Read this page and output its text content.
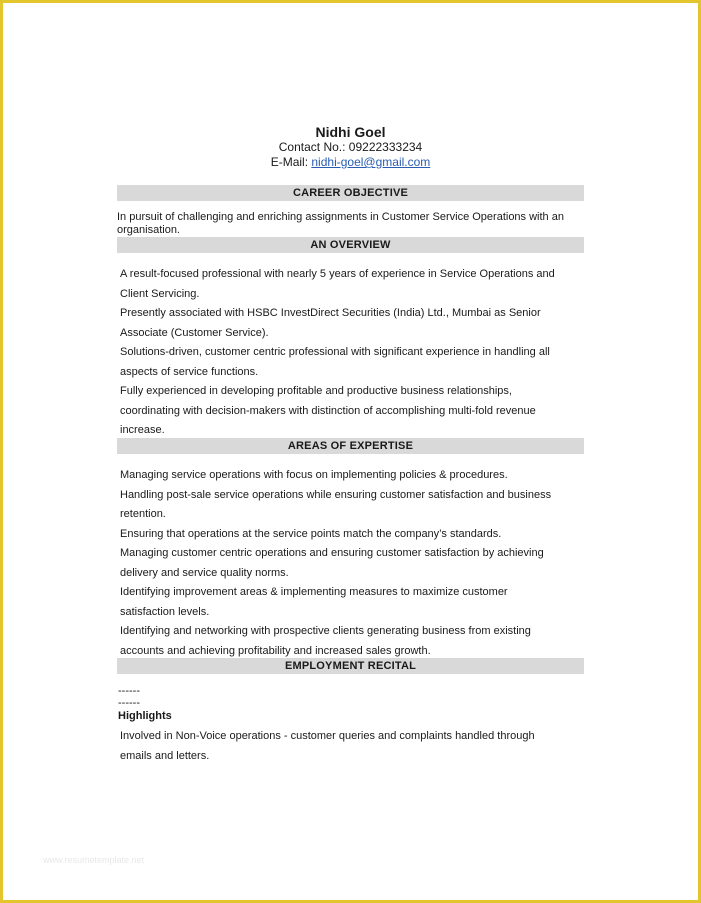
Nidhi Goel
Contact No.: 09222333234
E-Mail: nidhi-goel@gmail.com
CAREER OBJECTIVE

In pursuit of challenging and enriching assignments in Customer Service Operations with an organisation.

AN OVERVIEW
A result-focused professional with nearly 5 years of experience in Service Operations and
Client Servicing.
Presently associated with HSBC InvestDirect Securities (India) Ltd., Mumbai as Senior
Associate (Customer Service).
Solutions-driven, customer centric professional with significant experience in handling all
aspects of service functions.
Fully experienced in developing profitable and productive business relationships,
coordinating with decision-makers with distinction of accomplishing multi-fold revenue
increase.
AREAS OF EXPERTISE
Managing service operations with focus on implementing policies & procedures.
Handling post-sale service operations while ensuring customer satisfaction and business
retention.
Ensuring that operations at the service points match the company’s standards.
Managing customer centric operations and ensuring customer satisfaction by achieving
delivery and service quality norms.
Identifying improvement areas & implementing measures to maximize customer
satisfaction levels.
Identifying and networking with prospective clients generating business from existing
accounts and achieving profitability and increased sales growth.
EMPLOYMENT RECITAL
------
------
Highlights
Involved in Non-Voice operations - customer queries and complaints handled through
emails and letters.
www.resumetemplate.net
